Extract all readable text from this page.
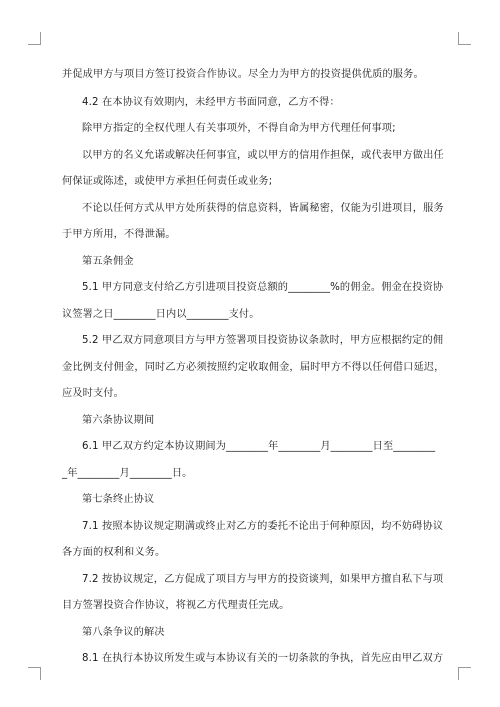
并促成甲方与项目方签订投资合作协议。尽全力为甲方的投资提供优质的服务。
4.2 在本协议有效期内，未经甲方书面同意，乙方不得：
除甲方指定的全权代理人有关事项外，不得自命为甲方代理任何事项;
以甲方的名义允诺或解决任何事宜，或以甲方的信用作担保，或代表甲方做出任
何保证或陈述，或使甲方承担任何责任或业务;
不论以任何方式从甲方处所获得的信息资料，皆属秘密，仅能为引进项目，服务
于甲方所用，不得泄漏。
第五条佣金
5.1 甲方同意支付给乙方引进项目投资总额的________%的佣金。佣金在投资协
议签署之日________日内以________支付。
5.2 甲乙双方同意项目方与甲方签署项目投资协议条款时，甲方应根据约定的佣
金比例支付佣金，同时乙方必须按照约定收取佣金，届时甲方不得以任何借口延迟，
应及时支付。
第六条协议期间
6.1 甲乙双方约定本协议期间为________年________月________日至________
_年________月________日。
第七条终止协议
7.1 按照本协议规定期满或终止对乙方的委托不论出于何种原因，均不妨碍协议
各方面的权利和义务。
7.2 按协议规定，乙方促成了项目方与甲方的投资谈判，如果甲方擅自私下与项
目方签署投资合作协议，将视乙方代理责任完成。
第八条争议的解决
8.1 在执行本协议所发生或与本协议有关的一切条款的争执，首先应由甲乙双方
